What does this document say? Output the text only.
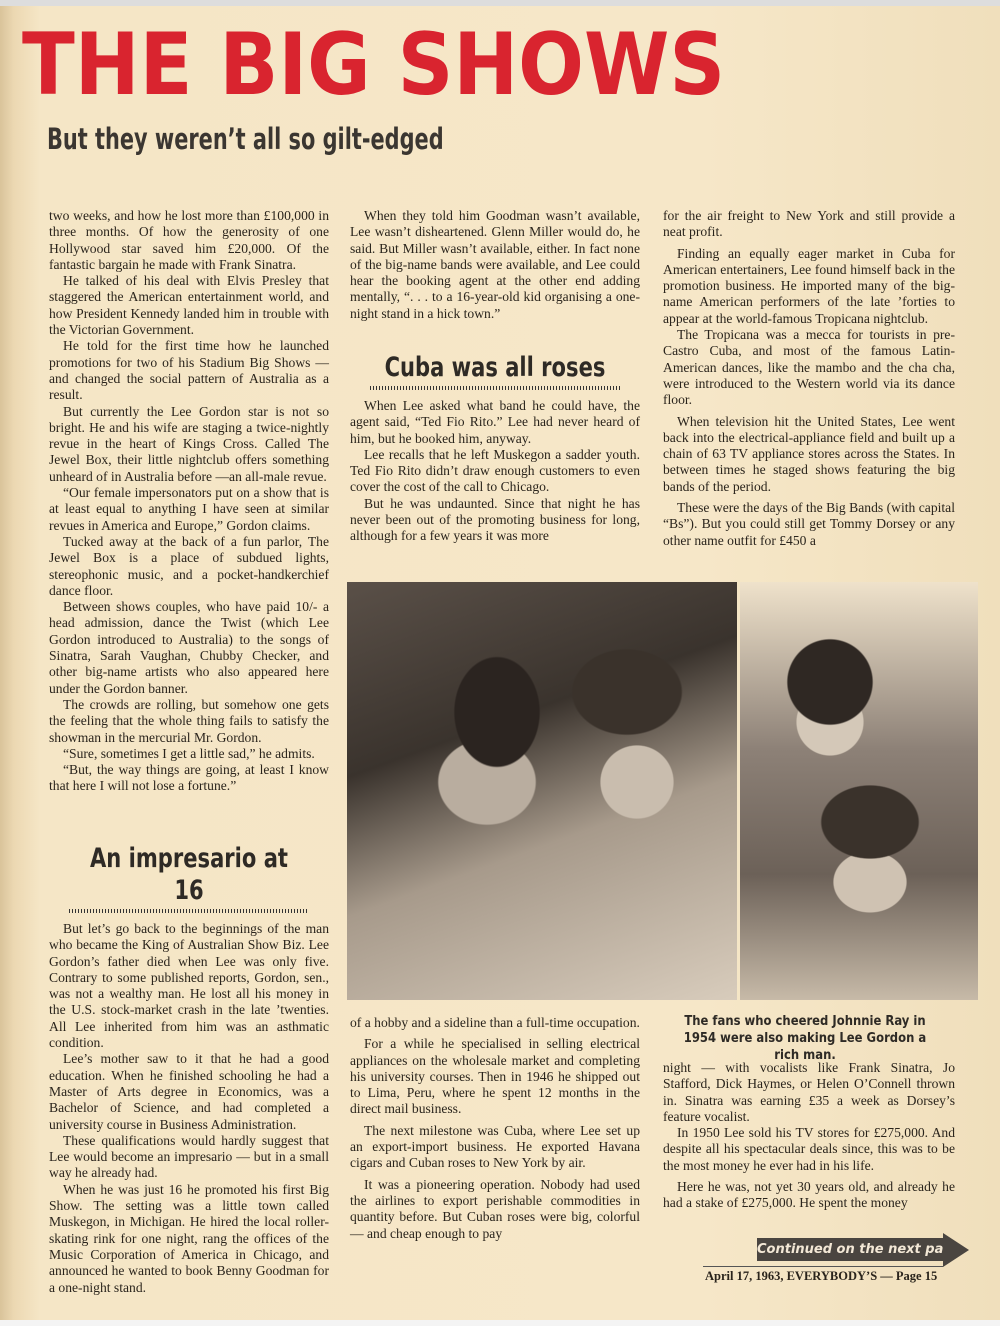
THE BIG SHOWS
But they weren’t all so gilt-edged

two weeks, and how he lost more than £100,000 in three months. Of how the generosity of one Hollywood star saved him £20,000. Of the fantastic bargain he made with Frank Sinatra.

He talked of his deal with Elvis Presley that staggered the American entertainment world, and how President Kennedy landed him in trouble with the Victorian Government.

He told for the first time how he launched promotions for two of his Stadium Big Shows — and changed the social pattern of Australia as a result.

But currently the Lee Gordon star is not so bright. He and his wife are staging a twice-nightly revue in the heart of Kings Cross. Called The Jewel Box, their little nightclub offers something unheard of in Australia before —an all-male revue.

“Our female impersonators put on a show that is at least equal to anything I have seen at similar revues in America and Europe,” Gordon claims.

Tucked away at the back of a fun parlor, The Jewel Box is a place of subdued lights, stereophonic music, and a pocket-handkerchief dance floor.

Between shows couples, who have paid 10/- a head admission, dance the Twist (which Lee Gordon introduced to Australia) to the songs of Sinatra, Sarah Vaughan, Chubby Checker, and other big-name artists who also appeared here under the Gordon banner.

The crowds are rolling, but somehow one gets the feeling that the whole thing fails to satisfy the showman in the mercurial Mr. Gordon.

“Sure, sometimes I get a little sad,” he admits.

“But, the way things are going, at least I know that here I will not lose a fortune.”

An impresario at 16

But let’s go back to the beginnings of the man who became the King of Australian Show Biz. Lee Gordon’s father died when Lee was only five. Contrary to some published reports, Gordon, sen., was not a wealthy man. He lost all his money in the U.S. stock-market crash in the late ’twenties. All Lee inherited from him was an asthmatic condition.

Lee’s mother saw to it that he had a good education. When he finished schooling he had a Master of Arts degree in Economics, was a Bachelor of Science, and had completed a university course in Business Administration.

These qualifications would hardly suggest that Lee would become an impresario — but in a small way he already had.

When he was just 16 he promoted his first Big Show. The setting was a little town called Muskegon, in Michigan. He hired the local roller-skating rink for one night, rang the offices of the Music Corporation of America in Chicago, and announced he wanted to book Benny Goodman for a one-night stand.

When they told him Goodman wasn’t available, Lee wasn’t disheartened. Glenn Miller would do, he said. But Miller wasn’t available, either. In fact none of the big-name bands were available, and Lee could hear the booking agent at the other end adding mentally, “. . . to a 16-year-old kid organising a one-night stand in a hick town.”

Cuba was all roses

When Lee asked what band he could have, the agent said, “Ted Fio Rito.” Lee had never heard of him, but he booked him, anyway.

Lee recalls that he left Muskegon a sadder youth. Ted Fio Rito didn’t draw enough customers to even cover the cost of the call to Chicago.

But he was undaunted. Since that night he has never been out of the promoting business for long, although for a few years it was more

for the air freight to New York and still provide a neat profit.

Finding an equally eager market in Cuba for American entertainers, Lee found himself back in the promotion business. He imported many of the big-name American performers of the late ’forties to appear at the world-famous Tropicana nightclub.

The Tropicana was a mecca for tourists in pre-Castro Cuba, and most of the famous Latin-American dances, like the mambo and the cha cha, were introduced to the Western world via its dance floor.

When television hit the United States, Lee went back into the electrical-appliance field and built up a chain of 63 TV appliance stores across the States. In between times he staged shows featuring the big bands of the period.

These were the days of the Big Bands (with capital “Bs”). But you could still get Tommy Dorsey or any other name outfit for £450 a

of a hobby and a sideline than a full-time occupation.

For a while he specialised in selling electrical appliances on the wholesale market and completing his university courses. Then in 1946 he shipped out to Lima, Peru, where he spent 12 months in the direct mail business.

The next milestone was Cuba, where Lee set up an export-import business. He exported Havana cigars and Cuban roses to New York by air.

It was a pioneering operation. Nobody had used the airlines to export perishable commodities in quantity before. But Cuban roses were big, colorful — and cheap enough to pay

The fans who cheered Johnnie Ray in 1954 were also making Lee Gordon a rich man.

night — with vocalists like Frank Sinatra, Jo Stafford, Dick Haymes, or Helen O’Connell thrown in. Sinatra was earning £35 a week as Dorsey’s feature vocalist.

In 1950 Lee sold his TV stores for £275,000. And despite all his spectacular deals since, this was to be the most money he ever had in his life.

Here he was, not yet 30 years old, and already he had a stake of £275,000. He spent the money

Continued on the next page

April 17, 1963, EVERYBODY’S — Page 15
